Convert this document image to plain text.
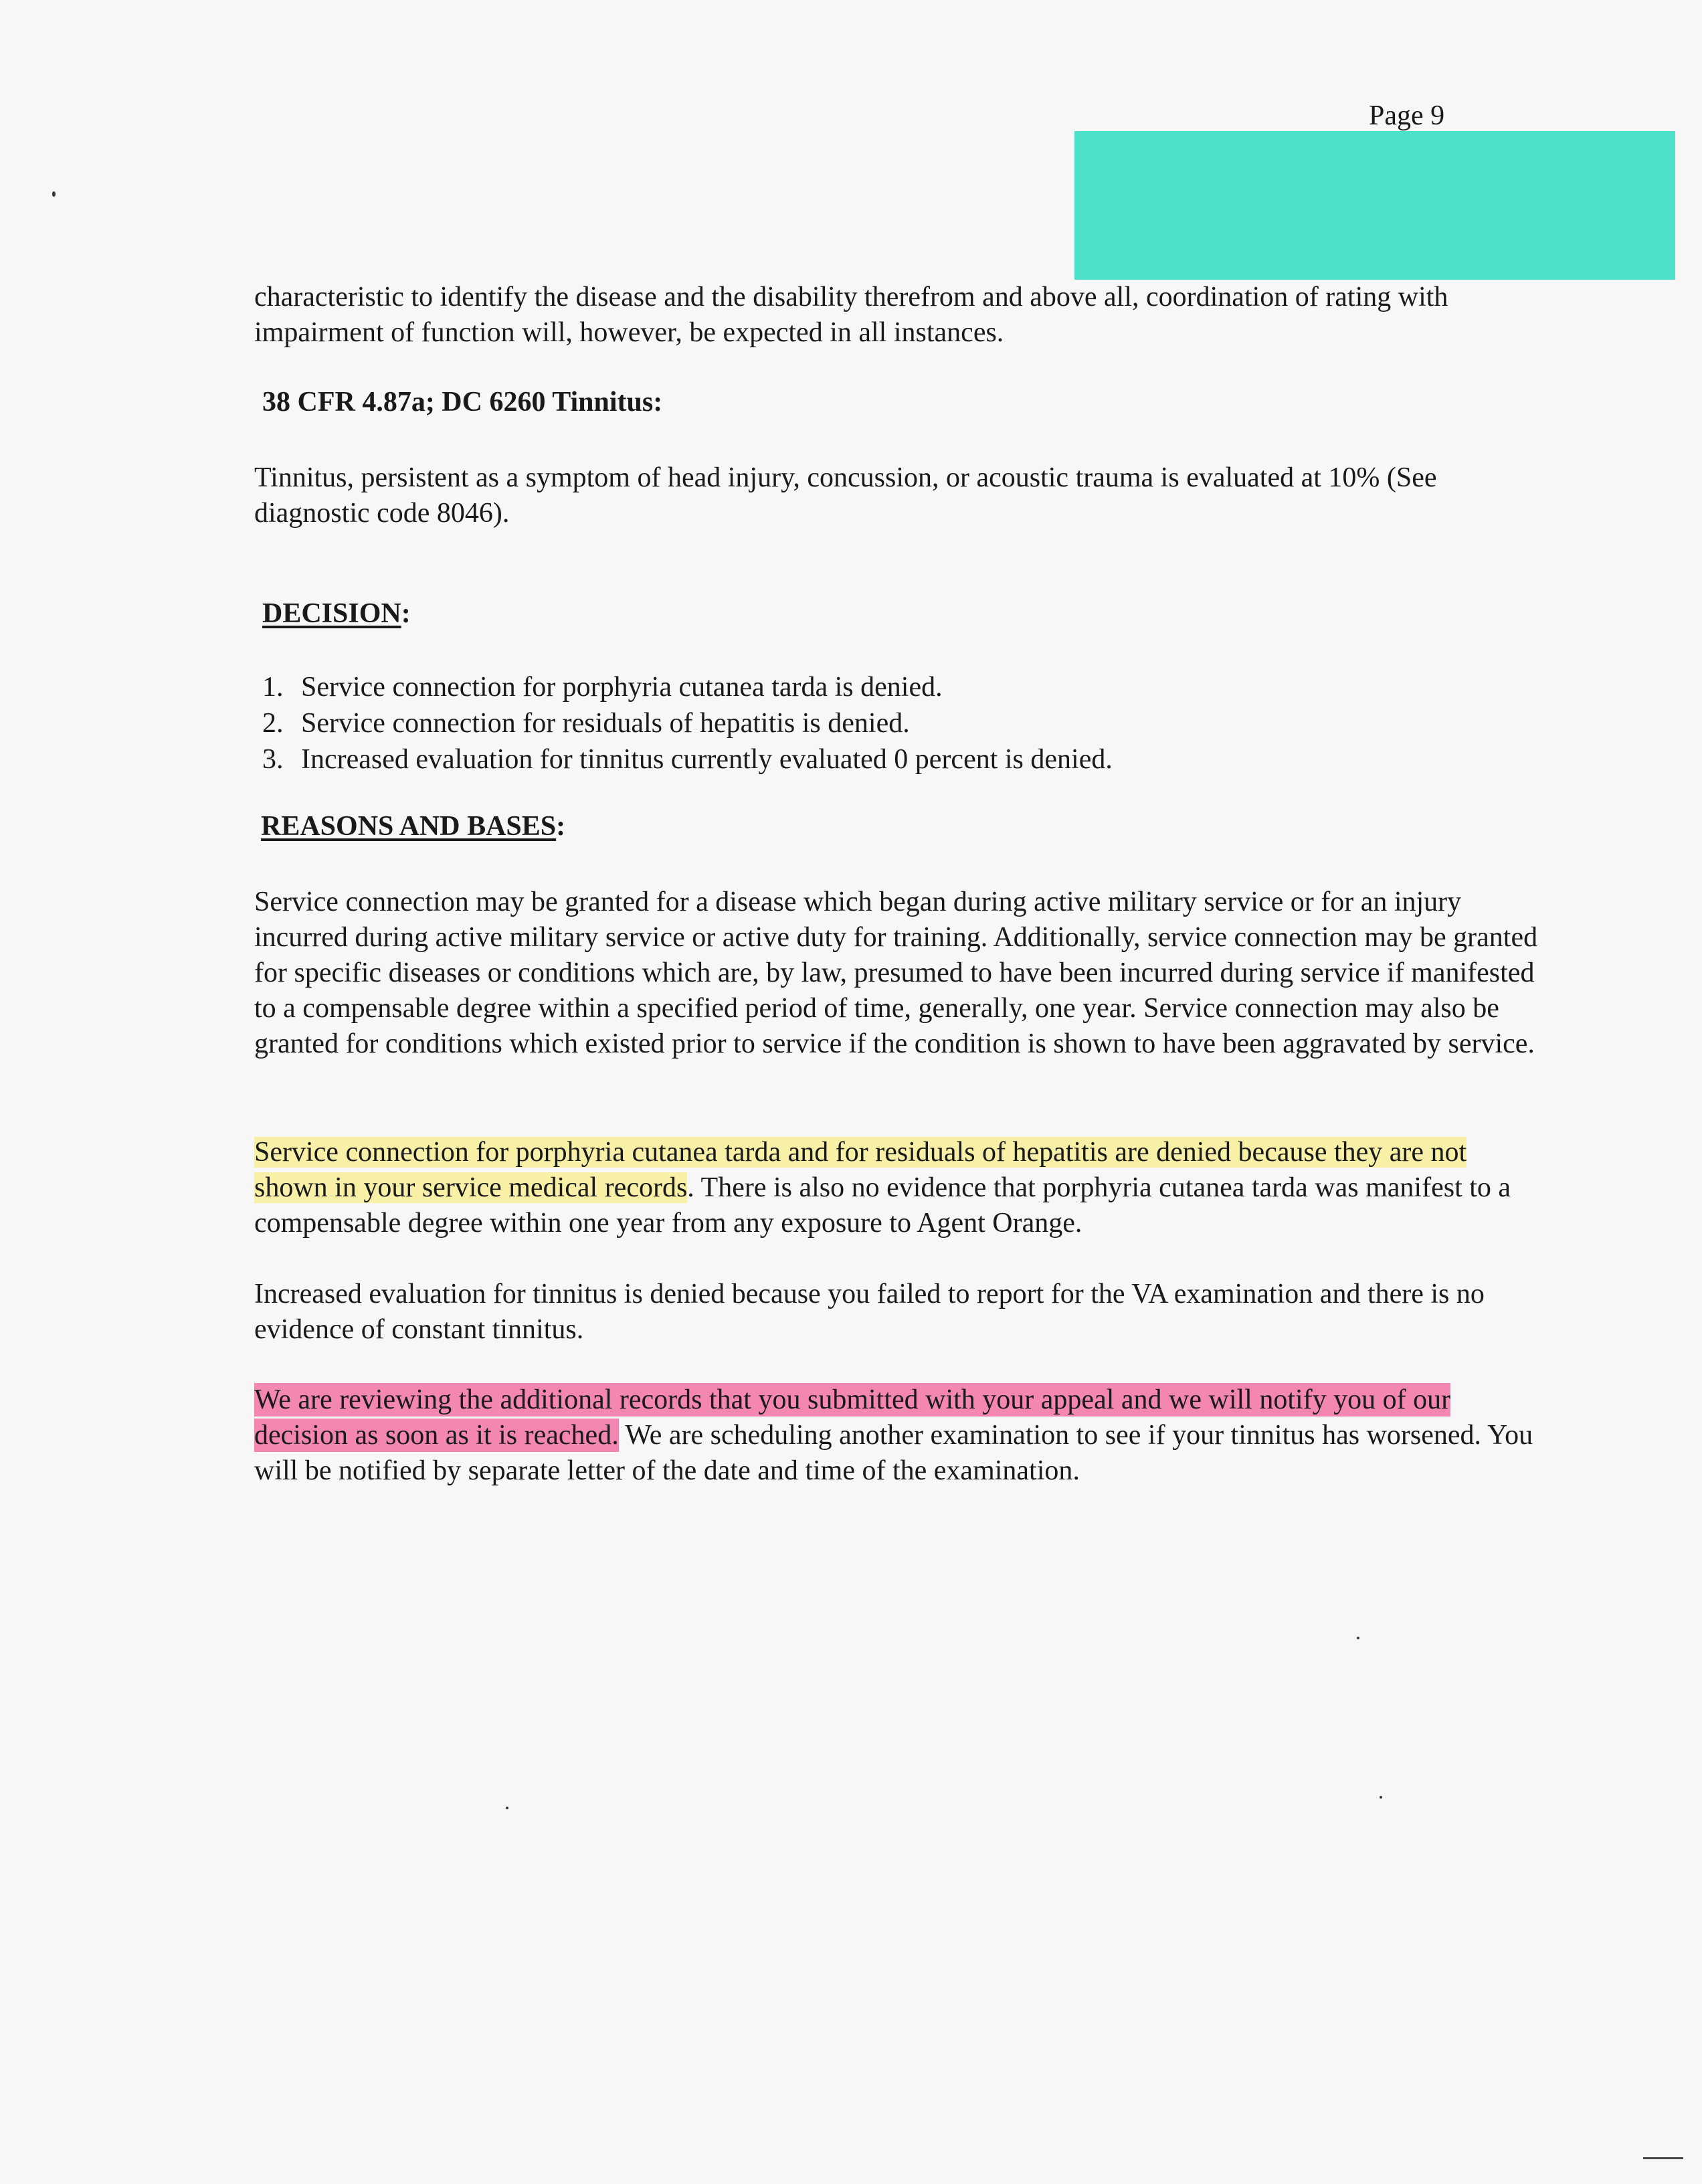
Page 9

characteristic to identify the disease and the disability therefrom and above all, coordination of rating with impairment of function will, however, be expected in all instances.

38 CFR 4.87a; DC 6260 Tinnitus:

Tinnitus, persistent as a symptom of head injury, concussion, or acoustic trauma is evaluated at 10% (See diagnostic code 8046).

DECISION:
1. Service connection for porphyria cutanea tarda is denied.
2. Service connection for residuals of hepatitis is denied.
3. Increased evaluation for tinnitus currently evaluated 0 percent is denied.
REASONS AND BASES:

Service connection may be granted for a disease which began during active military service or for an injury incurred during active military service or active duty for training. Additionally, service connection may be granted for specific diseases or conditions which are, by law, presumed to have been incurred during service if manifested to a compensable degree within a specified period of time, generally, one year. Service connection may also be granted for conditions which existed prior to service if the condition is shown to have been aggravated by service.

Service connection for porphyria cutanea tarda and for residuals of hepatitis are denied because they are not shown in your service medical records. There is also no evidence that porphyria cutanea tarda was manifest to a compensable degree within one year from any exposure to Agent Orange.

Increased evaluation for tinnitus is denied because you failed to report for the VA examination and there is no evidence of constant tinnitus.

We are reviewing the additional records that you submitted with your appeal and we will notify you of our decision as soon as it is reached. We are scheduling another examination to see if your tinnitus has worsened. You will be notified by separate letter of the date and time of the examination.
